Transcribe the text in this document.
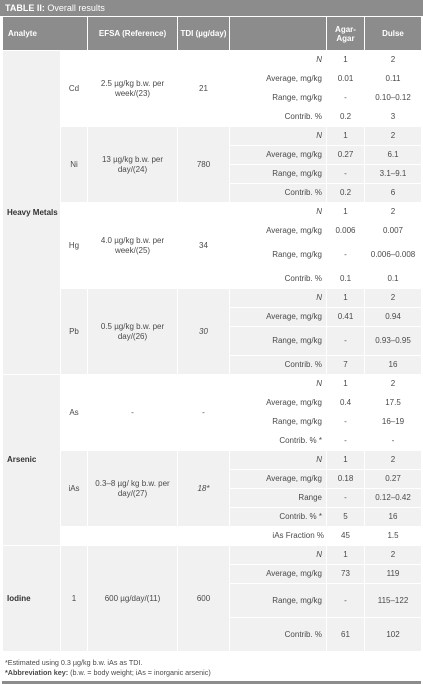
TABLE II: Overall results
Analyte		EFSA (Reference)	TDI (µg/day)		Agar-Agar	Dulse
Heavy Metals	Cd	2.5 µg/kg b.w. per week/(23)	21	N	1	2
				Average, mg/kg	0.01	0.11
				Range, mg/kg	-	0.10–0.12
				Contrib. %	0.2	3
	Ni	13 µg/kg b.w. per day/(24)	780	N	1	2
				Average, mg/kg	0.27	6.1
				Range, mg/kg	-	3.1–9.1
				Contrib. %	0.2	6
	Hg	4.0 µg/kg b.w. per week/(25)	34	N	1	2
				Average, mg/kg	0.006	0.007
				Range, mg/kg	-	0.006–0.008
				Contrib. %	0.1	0.1
	Pb	0.5 µg/kg b.w. per day/(26)	30	N	1	2
				Average, mg/kg	0.41	0.94
				Range, mg/kg	-	0.93–0.95
				Contrib. %	7	16
Arsenic	As	-	-	N	1	2
				Average, mg/kg	0.4	17.5
				Range, mg/kg	-	16–19
				Contrib. % *	-	-
	iAs	0.3–8 µg/ kg b.w. per day/(27)	18*	N	1	2
				Average, mg/kg	0.18	0.27
				Range	-	0.12–0.42
				Contrib. % *	5	16
	iAs Fraction %				45	1.5
Iodine	1	600 µg/day/(11)	600	N	1	2
				Average, mg/kg	73	119
				Range, mg/kg	-	115–122
				Contrib. %	61	102
*Estimated using 0.3 µg/kg b.w. iAs as TDI.
*Abbreviation key: (b.w. = body weight; iAs = inorganic arsenic)
